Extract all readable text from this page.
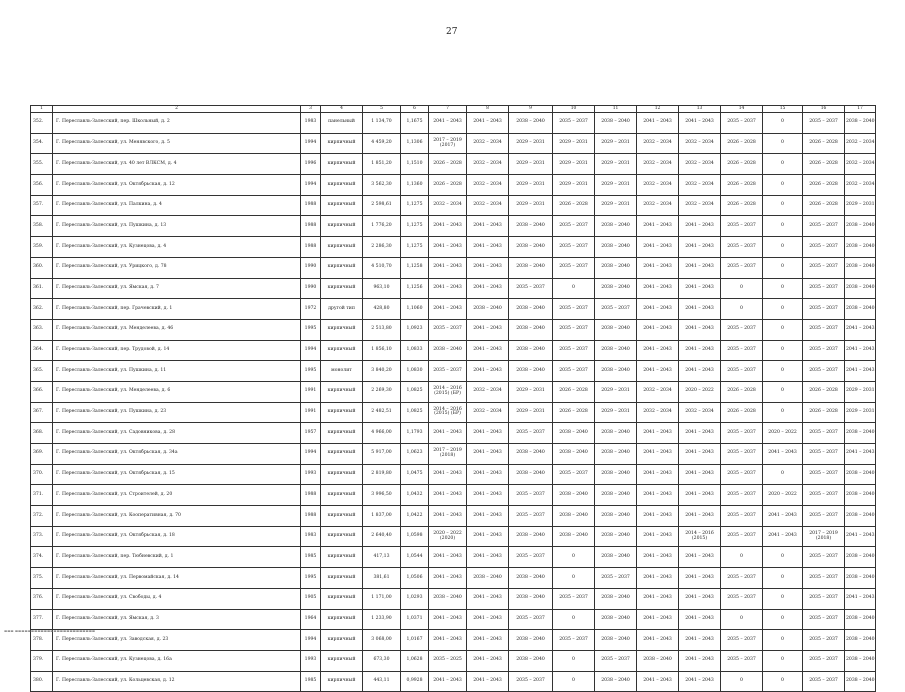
27
1	2	3	4	5	6	7	8	9	10	11	12	13	14	15	16	17
352.	Г. Переславль-Залесский, пер. Школьный, д. 2	1983	панельный	1 134,70	1,1675	2041 – 2043	2041 – 2043	2038 – 2040	2035 – 2037	2038 – 2040	2041 – 2043	2041 – 2043	2035 – 2037	0	2035 – 2037	2038 – 2040
354.	Г. Переславль-Залесский, ул. Менявского, д. 5	1994	кирпичный	4 459,20	1,1306	2017 – 2019 (2017)	2032 – 2034	2029 – 2031	2029 – 2031	2029 – 2031	2032 – 2034	2032 – 2034	2026 – 2028	0	2026 – 2028	2032 – 2034
355.	Г. Переславль-Залесский, ул. 40 лет ВЛКСМ, д. 4	1996	кирпичный	1 851,20	1,1510	2026 – 2028	2032 – 2034	2029 – 2031	2029 – 2031	2029 – 2031	2032 – 2034	2032 – 2034	2026 – 2028	0	2026 – 2028	2032 – 2034
356.	Г. Переславль-Залесский, ул. Октябрьская, д. 12	1994	кирпичный	3 562,30	1,1360	2026 – 2028	2032 – 2034	2029 – 2031	2029 – 2031	2029 – 2031	2032 – 2034	2032 – 2034	2026 – 2028	0	2026 – 2028	2032 – 2034
357.	Г. Переславль-Залесский, ул. Палкина, д. 4	1988	кирпичный	2 598,61	1,1275	2032 – 2034	2032 – 2034	2029 – 2031	2026 – 2028	2029 – 2031	2032 – 2034	2032 – 2034	2026 – 2028	0	2026 – 2028	2029 – 2031
358.	Г. Переславль-Залесский, ул. Пушкина, д. 13	1988	кирпичный	1 776,20	1,1275	2041 – 2043	2041 – 2043	2038 – 2040	2035 – 2037	2038 – 2040	2041 – 2043	2041 – 2043	2035 – 2037	0	2035 – 2037	2038 – 2040
359.	Г. Переславль-Залесский, ул. Кузнецова, д. 4	1988	кирпичный	2 286,30	1,1275	2041 – 2043	2041 – 2043	2038 – 2040	2035 – 2037	2038 – 2040	2041 – 2043	2041 – 2043	2035 – 2037	0	2035 – 2037	2038 – 2040
360.	Г. Переславль-Залесский, ул. Урицкого, д. 78	1990	кирпичный	4 510,70	1,1258	2041 – 2043	2041 – 2043	2038 – 2040	2035 – 2037	2038 – 2040	2041 – 2043	2041 – 2043	2035 – 2037	0	2035 – 2037	2038 – 2040
361.	Г. Переславль-Залесский, ул. Ямская, д. 7	1990	кирпичный	963,10	1,1256	2041 – 2043	2041 – 2043	2035 – 2037	0	2038 – 2040	2041 – 2043	2041 – 2043	0	0	2035 – 2037	2038 – 2040
362.	Г. Переславль-Залесский, пер. Грачевский, д. 1	1972	другой тип	428,80	1,1060	2041 – 2043	2038 – 2040	2038 – 2040	2035 – 2037	2035 – 2037	2041 – 2043	2041 – 2043	0	0	2035 – 2037	2038 – 2040
363.	Г. Переславль-Залесский, ул. Менделеева, д. 46	1995	кирпичный	2 513,80	1,0923	2035 – 2037	2041 – 2043	2038 – 2040	2035 – 2037	2038 – 2040	2041 – 2043	2041 – 2043	2035 – 2037	0	2035 – 2037	2041 – 2043
364.	Г. Переславль-Залесский, пер. Трудовой, д. 14	1994	кирпичный	1 856,10	1,0833	2038 – 2040	2041 – 2043	2038 – 2040	2035 – 2037	2038 – 2040	2041 – 2043	2041 – 2043	2035 – 2037	0	2035 – 2037	2041 – 2043
365.	Г. Переславль-Залесский, ул. Пушкина, д. 11	1995	монолит	3 840,20	1,0830	2035 – 2037	2041 – 2043	2038 – 2040	2035 – 2037	2038 – 2040	2041 – 2043	2041 – 2043	2035 – 2037	0	2035 – 2037	2041 – 2043
366.	Г. Переславль-Залесский, ул. Менделеева, д. 6	1991	кирпичный	2 269,30	1,0825	2014 – 2016 (2015) (БР)	2032 – 2034	2029 – 2031	2026 – 2028	2029 – 2031	2032 – 2034	2020 – 2022	2026 – 2028	0	2026 – 2028	2029 – 2031
367.	Г. Переславль-Залесский, ул. Пушкина, д. 23	1991	кирпичный	2 482,51	1,0825	2014 – 2016 (2015) (БР)	2032 – 2034	2029 – 2031	2026 – 2028	2029 – 2031	2032 – 2034	2032 – 2034	2026 – 2028	0	2026 – 2028	2029 – 2031
368.	Г. Переславль-Залесский, ул. Садовникова, д. 28	1957	кирпичный	4 966,00	1,1793	2041 – 2043	2041 – 2043	2035 – 2037	2038 – 2040	2038 – 2040	2041 – 2043	2041 – 2043	2035 – 2037	2020 – 2022	2035 – 2037	2038 – 2040
369.	Г. Переславль-Залесский, ул. Октябрьская, д. 34а	1994	кирпичный	5 917,00	1,0623	2017 – 2019 (2018)	2041 – 2043	2038 – 2040	2038 – 2040	2038 – 2040	2041 – 2043	2041 – 2043	2035 – 2037	2041 – 2043	2035 – 2037	2041 – 2043
370.	Г. Переславль-Залесский, ул. Октябрьская, д. 15	1993	кирпичный	2 819,80	1,0475	2041 – 2043	2041 – 2043	2038 – 2040	2035 – 2037	2038 – 2040	2041 – 2043	2041 – 2043	2035 – 2037	0	2035 – 2037	2038 – 2040
371.	Г. Переславль-Залесский, ул. Строителей, д. 20	1988	кирпичный	3 996,50	1,0432	2041 – 2043	2041 – 2043	2035 – 2037	2038 – 2040	2038 – 2040	2041 – 2043	2041 – 2043	2035 – 2037	2020 – 2022	2035 – 2037	2038 – 2040
372.	Г. Переславль-Залесский, ул. Кооперативная, д. 70	1988	кирпичный	1 837,00	1,0422	2041 – 2043	2041 – 2043	2035 – 2037	2038 – 2040	2038 – 2040	2041 – 2043	2041 – 2043	2035 – 2037	2041 – 2043	2035 – 2037	2038 – 2040
373.	Г. Переславль-Залесский, ул. Октябрьская, д. 18	1983	кирпичный	2 640,40	1,0598	2020 – 2022 (2020)	2041 – 2043	2038 – 2040	2038 – 2040	2038 – 2040	2041 – 2043	2014 – 2016 (2015)	2035 – 2037	2041 – 2043	2017 – 2019 (2018)	2041 – 2043
374.	Г. Переславль-Залесский, пер. Тюбневский, д. 1	1985	кирпичный	417,13	1,0544	2041 – 2043	2041 – 2043	2035 – 2037	0	2038 – 2040	2041 – 2043	2041 – 2043	0	0	2035 – 2037	2038 – 2040
375.	Г. Переславль-Залесский, ул. Первомайская, д. 14	1995	кирпичный	381,61	1,0506	2041 – 2043	2038 – 2040	2038 – 2040	0	2035 – 2037	2041 – 2043	2041 – 2043	2035 – 2037	0	2035 – 2037	2038 – 2040
376.	Г. Переславль-Залесский, ул. Свободы, д. 4	1905	кирпичный	1 171,00	1,0293	2038 – 2040	2041 – 2043	2038 – 2040	2035 – 2037	2038 – 2040	2041 – 2043	2041 – 2043	2035 – 2037	0	2035 – 2037	2041 – 2043
377.	Г. Переславль-Залесский, ул. Ямская, д. 3	1964	кирпичный	1 233,90	1,0371	2041 – 2043	2041 – 2043	2035 – 2037	0	2038 – 2040	2041 – 2043	2041 – 2043	0	0	2035 – 2037	2038 – 2040
378.	Г. Переславль-Залесский, ул. Заводская, д. 23	1994	кирпичный	3 068,00	1,0167	2041 – 2043	2041 – 2043	2038 – 2040	2035 – 2037	2038 – 2040	2041 – 2043	2041 – 2043	2035 – 2037	0	2035 – 2037	2038 – 2040
379.	Г. Переславль-Залесский, ул. Кузнецова, д. 16а	1993	кирпичный	673,30	1,0628	2035 – 2025	2041 – 2043	2038 – 2040	0	2035 – 2037	2038 – 2040	2041 – 2043	2035 – 2037	0	2035 – 2037	2038 – 2040
380.	Г. Переславль-Залесский, ул. Кольцевская, д. 12	1985	кирпичный	443,11	0,9928	2041 – 2043	2041 – 2043	2035 – 2037	0	2038 – 2040	2041 – 2043	2041 – 2043	0	0	2035 – 2037	2038 – 2040
▬▬▬ ▬▬▬▬▬▬▬▬▬▬▬▬▬▬▬▬▬▬▬▬▬▬▬▬▬
